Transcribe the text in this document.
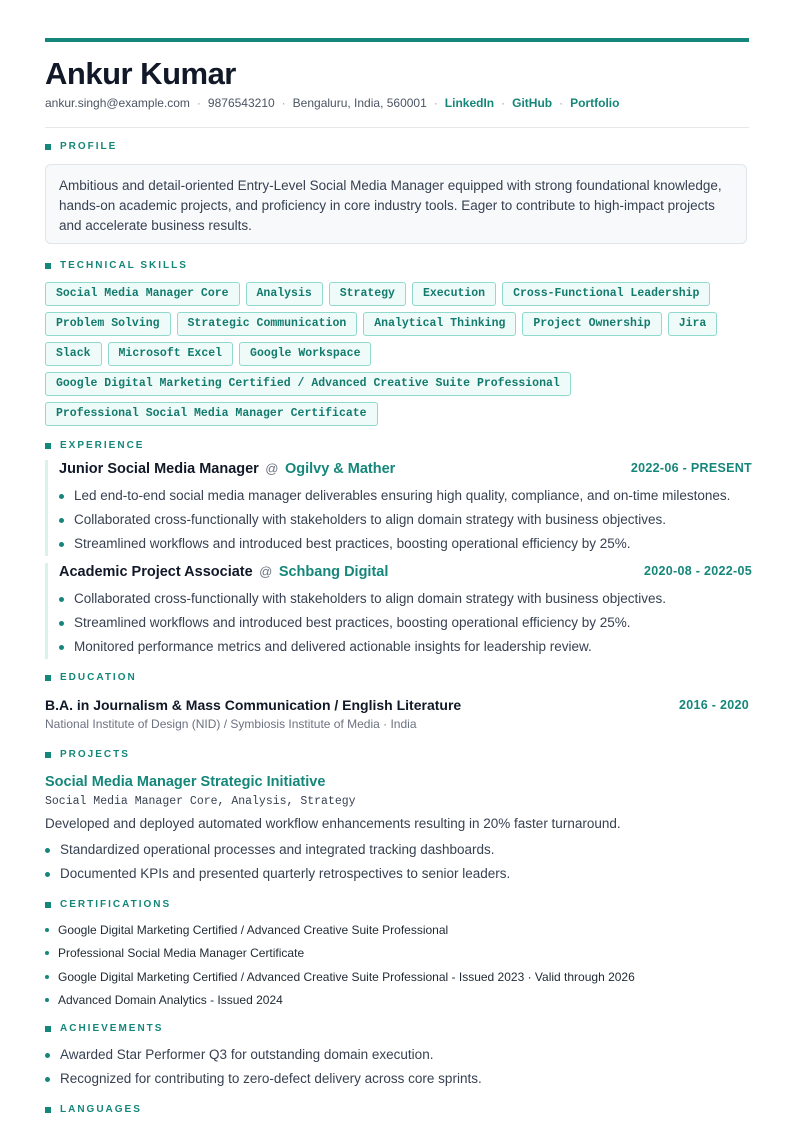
Ankur Kumar
ankur.singh@example.com · 9876543210 · Bengaluru, India, 560001 · LinkedIn · GitHub · Portfolio
PROFILE
Ambitious and detail-oriented Entry-Level Social Media Manager equipped with strong foundational knowledge, hands-on academic projects, and proficiency in core industry tools. Eager to contribute to high-impact projects and accelerate business results.
TECHNICAL SKILLS
Social Media Manager Core	Analysis	Strategy	Execution	Cross-Functional Leadership
Problem Solving	Strategic Communication	Analytical Thinking	Project Ownership	Jira
Slack	Microsoft Excel	Google Workspace
Google Digital Marketing Certified / Advanced Creative Suite Professional
Professional Social Media Manager Certificate
EXPERIENCE
Junior Social Media Manager @ Ogilvy & Mather	2022-06 - PRESENT
Led end-to-end social media manager deliverables ensuring high quality, compliance, and on-time milestones.
Collaborated cross-functionally with stakeholders to align domain strategy with business objectives.
Streamlined workflows and introduced best practices, boosting operational efficiency by 25%.
Academic Project Associate @ Schbang Digital	2020-08 - 2022-05
Collaborated cross-functionally with stakeholders to align domain strategy with business objectives.
Streamlined workflows and introduced best practices, boosting operational efficiency by 25%.
Monitored performance metrics and delivered actionable insights for leadership review.
EDUCATION
B.A. in Journalism & Mass Communication / English Literature	2016 - 2020
National Institute of Design (NID) / Symbiosis Institute of Media · India
PROJECTS
Social Media Manager Strategic Initiative
Social Media Manager Core, Analysis, Strategy
Developed and deployed automated workflow enhancements resulting in 20% faster turnaround.
Standardized operational processes and integrated tracking dashboards.
Documented KPIs and presented quarterly retrospectives to senior leaders.
CERTIFICATIONS
Google Digital Marketing Certified / Advanced Creative Suite Professional
Professional Social Media Manager Certificate
Google Digital Marketing Certified / Advanced Creative Suite Professional - Issued 2023 · Valid through 2026
Advanced Domain Analytics - Issued 2024
ACHIEVEMENTS
Awarded Star Performer Q3 for outstanding domain execution.
Recognized for contributing to zero-defect delivery across core sprints.
LANGUAGES
